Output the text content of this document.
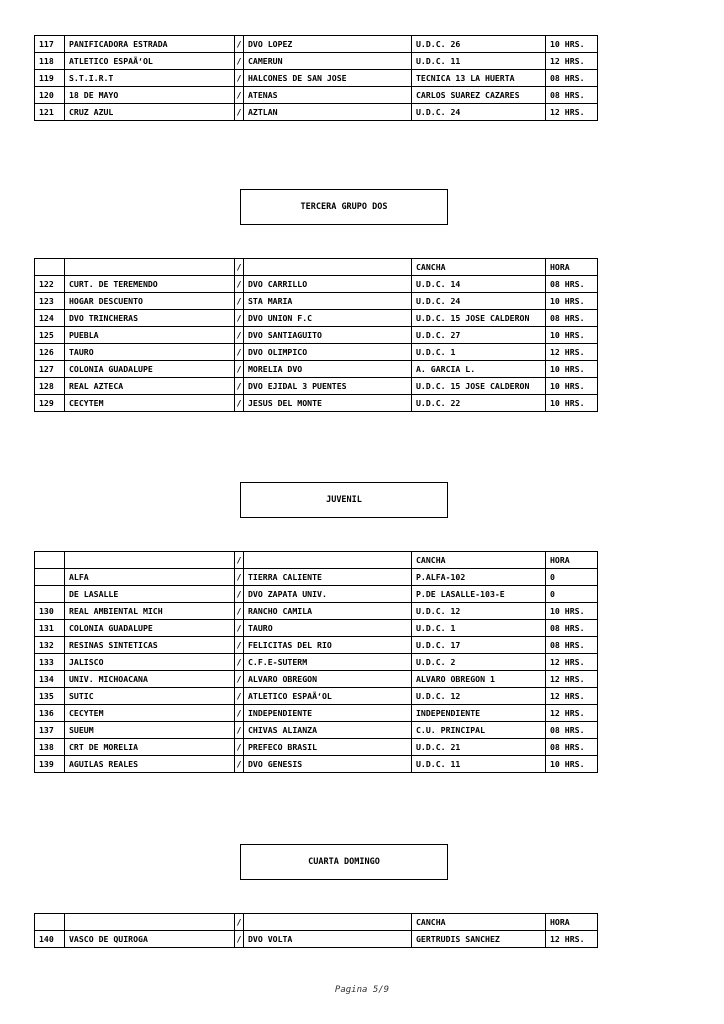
117	PANIFICADORA ESTRADA	/	DVO LOPEZ	U.D.C. 26	10 HRS.
118	ATLETICO ESPAÃ‘OL	/	CAMERUN	U.D.C. 11	12 HRS.
119	S.T.I.R.T	/	HALCONES DE SAN JOSE	TECNICA 13 LA HUERTA	08 HRS.
120	18 DE MAYO	/	ATENAS	CARLOS SUAREZ CAZARES	08 HRS.
121	CRUZ AZUL	/	AZTLAN	U.D.C. 24	12 HRS.
TERCERA GRUPO DOS
		/		CANCHA	HORA
122	CURT. DE TEREMENDO	/	DVO CARRILLO	U.D.C. 14	08 HRS.
123	HOGAR DESCUENTO	/	STA MARIA	U.D.C. 24	10 HRS.
124	DVO TRINCHERAS	/	DVO UNION F.C	U.D.C. 15 JOSE CALDERON	08 HRS.
125	PUEBLA	/	DVO SANTIAGUITO	U.D.C. 27	10 HRS.
126	TAURO	/	DVO OLIMPICO	U.D.C. 1	12 HRS.
127	COLONIA GUADALUPE	/	MORELIA DVO	A. GARCIA L.	10 HRS.
128	REAL AZTECA	/	DVO EJIDAL 3 PUENTES	U.D.C. 15 JOSE CALDERON	10 HRS.
129	CECYTEM	/	JESUS DEL MONTE	U.D.C. 22	10 HRS.
JUVENIL
		/		CANCHA	HORA
	ALFA	/	TIERRA CALIENTE	P.ALFA-102	0
	DE LASALLE	/	DVO ZAPATA UNIV.	P.DE LASALLE-103-E	0
130	REAL AMBIENTAL MICH	/	RANCHO CAMILA	U.D.C. 12	10 HRS.
131	COLONIA GUADALUPE	/	TAURO	U.D.C. 1	08 HRS.
132	RESINAS SINTETICAS	/	FELICITAS DEL RIO	U.D.C. 17	08 HRS.
133	JALISCO	/	C.F.E-SUTERM	U.D.C. 2	12 HRS.
134	UNIV. MICHOACANA	/	ALVARO OBREGON	ALVARO OBREGON 1	12 HRS.
135	SUTIC	/	ATLETICO ESPAÃ‘OL	U.D.C. 12	12 HRS.
136	CECYTEM	/	INDEPENDIENTE	INDEPENDIENTE	12 HRS.
137	SUEUM	/	CHIVAS ALIANZA	C.U. PRINCIPAL	08 HRS.
138	CRT DE MORELIA	/	PREFECO BRASIL	U.D.C. 21	08 HRS.
139	AGUILAS REALES	/	DVO GENESIS	U.D.C. 11	10 HRS.
CUARTA DOMINGO
		/		CANCHA	HORA
140	VASCO DE QUIROGA	/	DVO VOLTA	GERTRUDIS SANCHEZ	12 HRS.
Pagina 5/9
